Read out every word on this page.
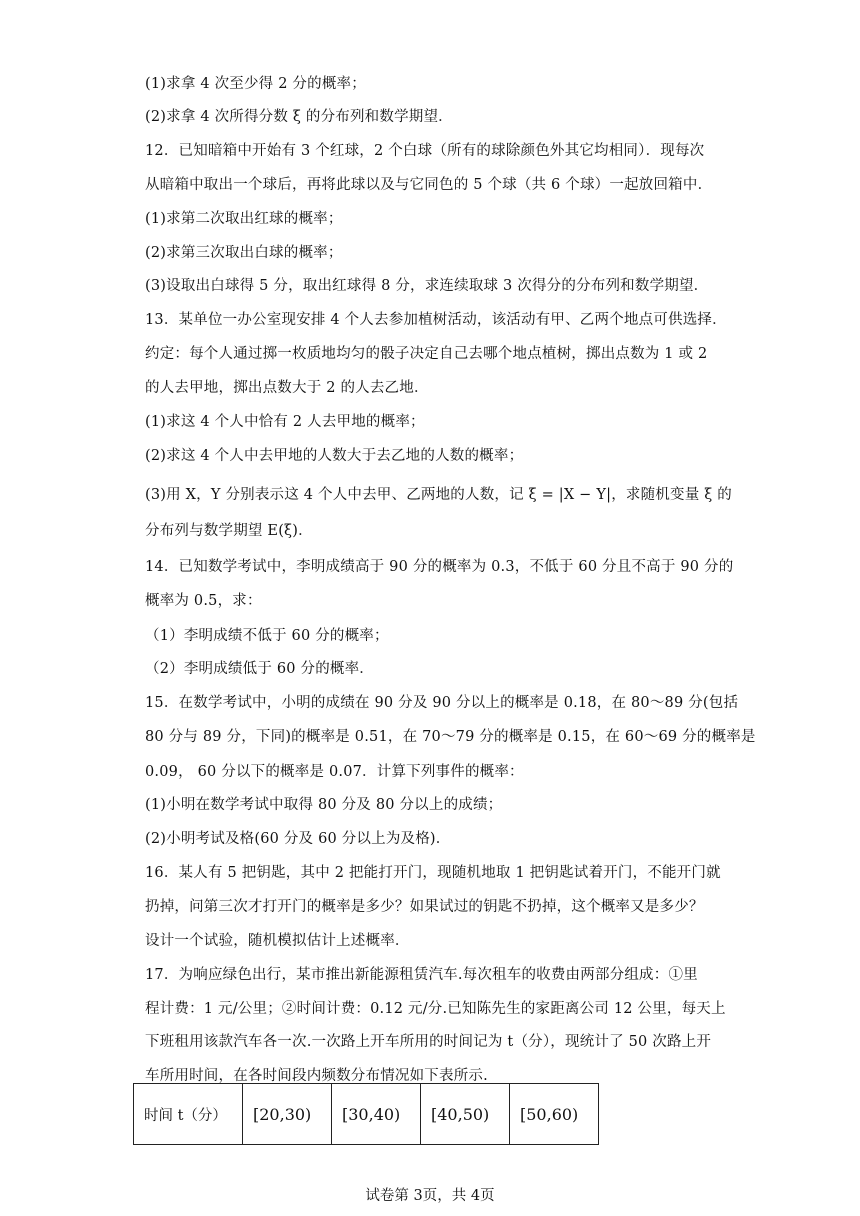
(1)求拿 4 次至少得 2 分的概率；
(2)求拿 4 次所得分数 ξ 的分布列和数学期望．
12．已知暗箱中开始有 3 个红球，2 个白球（所有的球除颜色外其它均相同）．现每次
从暗箱中取出一个球后，再将此球以及与它同色的 5 个球（共 6 个球）一起放回箱中．
(1)求第二次取出红球的概率；
(2)求第三次取出白球的概率；
(3)设取出白球得 5 分，取出红球得 8 分，求连续取球 3 次得分的分布列和数学期望．
13．某单位一办公室现安排 4 个人去参加植树活动，该活动有甲、乙两个地点可供选择．
约定：每个人通过掷一枚质地均匀的骰子决定自己去哪个地点植树，掷出点数为 1 或 2
的人去甲地，掷出点数大于 2 的人去乙地．
(1)求这 4 个人中恰有 2 人去甲地的概率；
(2)求这 4 个人中去甲地的人数大于去乙地的人数的概率；
(3)用 X，Y 分别表示这 4 个人中去甲、乙两地的人数，记 ξ = |X − Y|，求随机变量 ξ 的
分布列与数学期望 E(ξ)．
14．已知数学考试中，李明成绩高于 90 分的概率为 0.3，不低于 60 分且不高于 90 分的
概率为 0.5，求：
（1）李明成绩不低于 60 分的概率；
（2）李明成绩低于 60 分的概率．
15．在数学考试中，小明的成绩在 90 分及 90 分以上的概率是 0.18，在 80～89 分(包括
80 分与 89 分，下同)的概率是 0.51，在 70～79 分的概率是 0.15，在 60～69 分的概率是
0.09， 60 分以下的概率是 0.07．计算下列事件的概率：
(1)小明在数学考试中取得 80 分及 80 分以上的成绩；
(2)小明考试及格(60 分及 60 分以上为及格)．
16．某人有 5 把钥匙，其中 2 把能打开门，现随机地取 1 把钥匙试着开门，不能开门就
扔掉，问第三次才打开门的概率是多少？如果试过的钥匙不扔掉，这个概率又是多少？
设计一个试验，随机模拟估计上述概率．
17．为响应绿色出行，某市推出新能源租赁汽车.每次租车的收费由两部分组成：①里
程计费：1 元/公里；②时间计费：0.12 元/分.已知陈先生的家距离公司 12 公里，每天上
下班租用该款汽车各一次.一次路上开车所用的时间记为 t（分），现统计了 50 次路上开
车所用时间，在各时间段内频数分布情况如下表所示.
时间 t（分）	[20,30)	[30,40)	[40,50)	[50,60)
试卷第 3页，共 4页
